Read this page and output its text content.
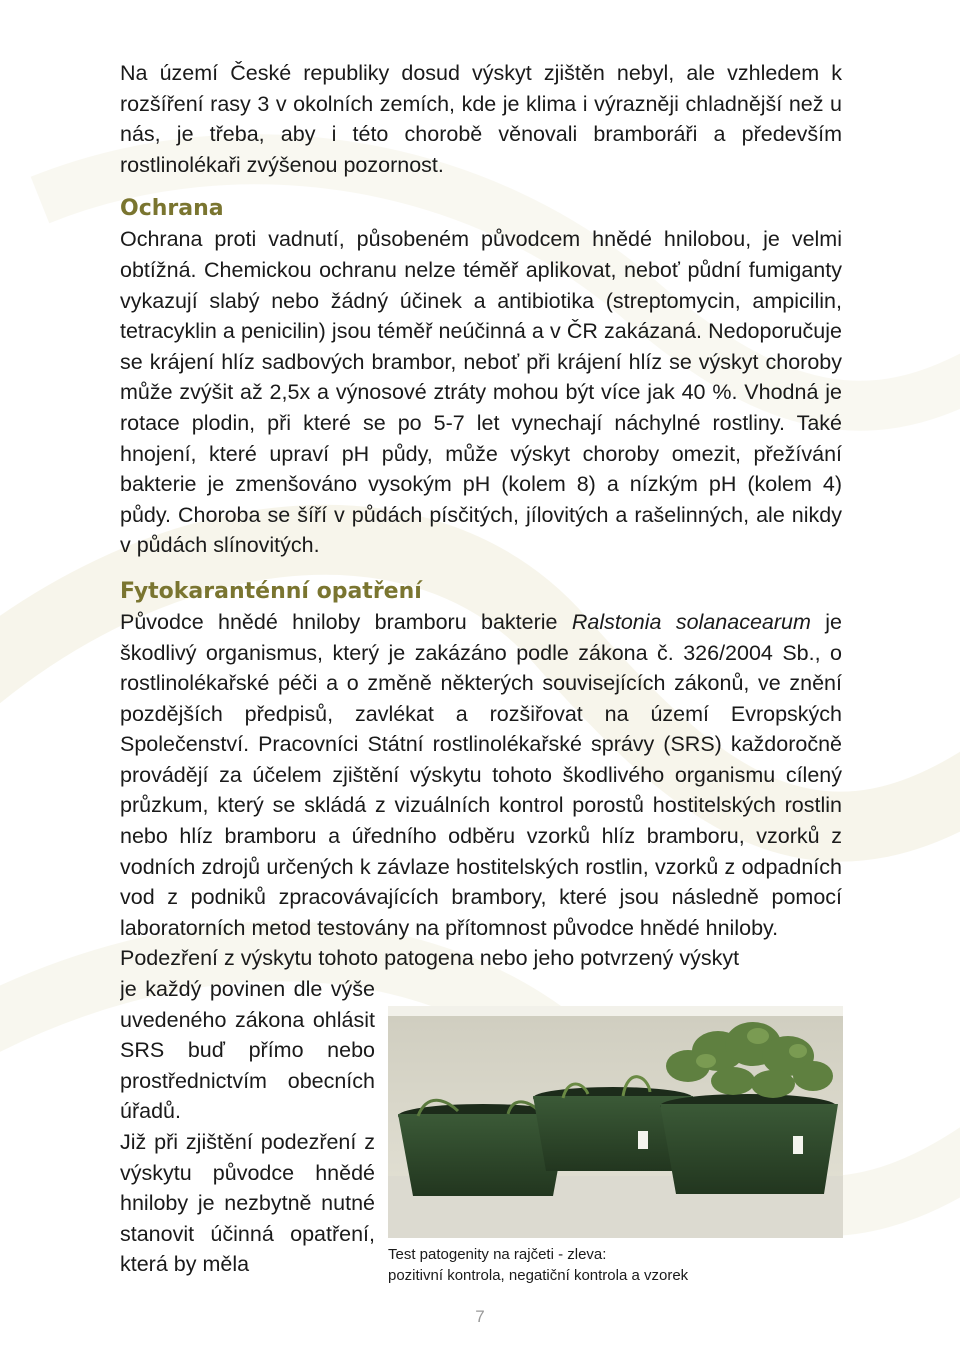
Na území České republiky dosud výskyt zjištěn nebyl, ale vzhledem k rozšíření rasy 3 v okolních zemích, kde je klima i výrazněji chladnější než u nás, je třeba, aby i této chorobě věnovali bramboráři a především rostlinolékaři zvýšenou pozornost.

Ochrana

Ochrana proti vadnutí, působeném původcem hnědé hnilobou, je velmi obtížná. Chemickou ochranu nelze téměř aplikovat, neboť půdní fumiganty vykazují slabý nebo žádný účinek a antibiotika (streptomycin, ampicilin, tetracyklin a penicilin) jsou téměř neúčinná a v ČR zakázaná. Nedoporučuje se krájení hlíz sadbových brambor, neboť při krájení hlíz se výskyt choroby může zvýšit až 2,5x a výnosové ztráty mohou být více jak 40 %. Vhodná je rotace plodin, při které se po 5-7 let vynechají náchylné rostliny. Také hnojení, které upraví pH půdy, může výskyt choroby omezit, přežívání bakterie je zmenšováno vysokým pH (kolem 8) a nízkým pH (kolem 4) půdy. Choroba se šíří v půdách písčitých, jílovitých a rašelinných, ale nikdy v půdách slínovitých.

Fytokaranténní opatření

Původce hnědé hniloby bramboru bakterie Ralstonia solanacearum je škodlivý organismus, který je zakázáno podle zákona č. 326/2004 Sb., o rostlinolékařské péči a o změně některých souvisejících zákonů, ve znění pozdějších předpisů, zavlékat a rozšiřovat na území Evropských Společenství. Pracovníci Státní rostlinolékařské správy (SRS) každoročně provádějí za účelem zjištění výskytu tohoto škodlivého organismu cílený průzkum, který se skládá z vizuálních kontrol porostů hostitelských rostlin nebo hlíz bramboru a úředního odběru vzorků hlíz bramboru, vzorků z vodních zdrojů určených k závlaze hostitelských rostlin, vzorků z odpadních vod z podniků zpracovávajících brambory, které jsou následně pomocí laboratorních metod testovány na přítomnost původce hnědé hniloby.

Podezření z výskytu tohoto patogena nebo jeho potvrzený výskyt

je každý povinen dle výše uvedeného zákona ohlásit SRS buď přímo nebo prostřednictvím obecních úřadů.

Již při zjištění podezření z výskytu původce hnědé hniloby je nezbytně nutné stanovit účinná opatření, která by měla	Test patogenity na rajčeti - zleva:
pozitivní kontrola, negatiční kontrola a vzorek
7
